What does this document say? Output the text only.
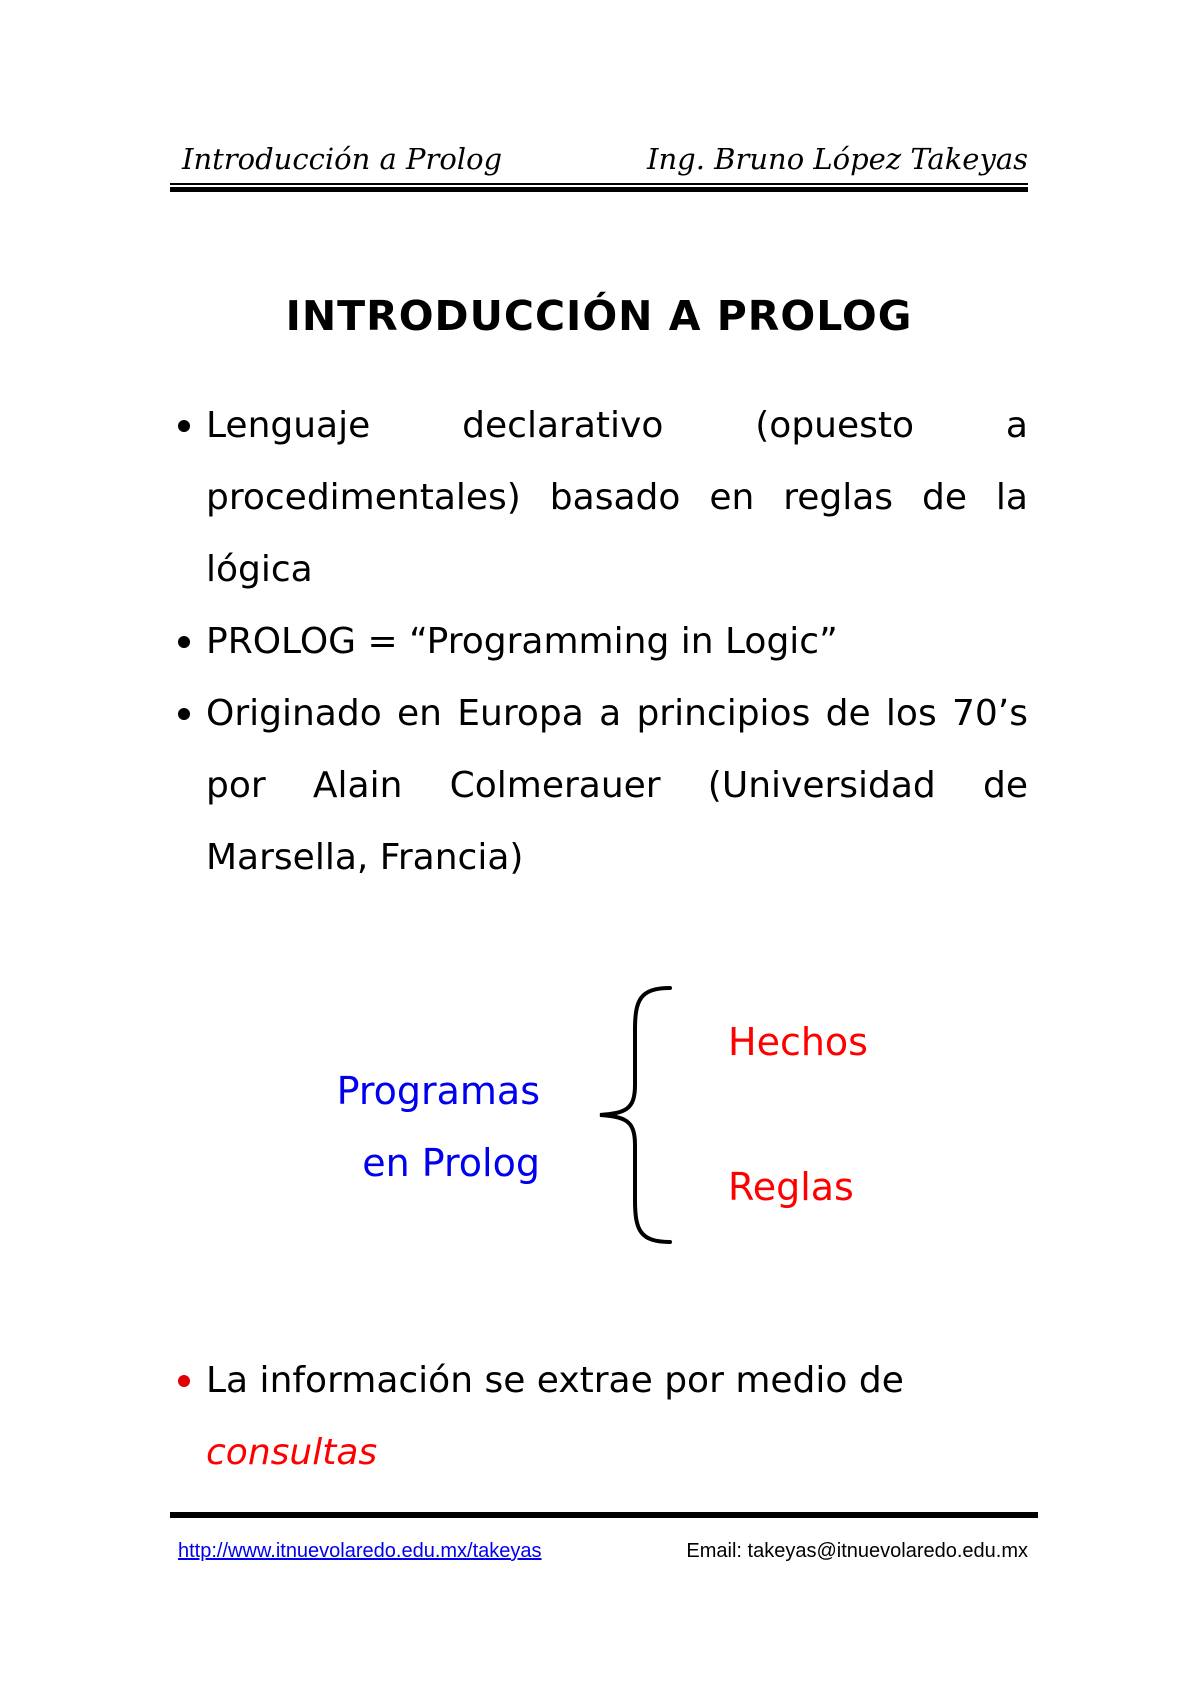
Introducción a Prolog	Ing. Bruno López Takeyas
INTRODUCCIÓN A PROLOG
Lenguaje declarativo (opuesto a procedimentales) basado en reglas de la lógica
PROLOG = “Programming in Logic”
Originado en Europa a principios de los 70’s por Alain Colmerauer (Universidad de Marsella, Francia)
Programas
en Prolog
Hechos
Reglas
La información se extrae por medio de
consultas
http://www.itnuevolaredo.edu.mx/takeyas	Email: takeyas@itnuevolaredo.edu.mx
